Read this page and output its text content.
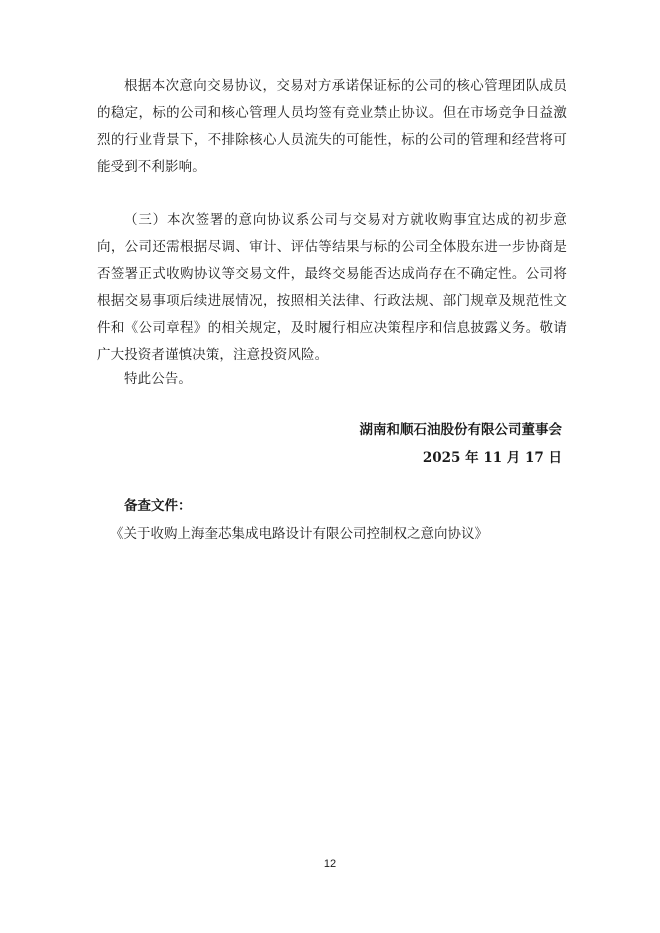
根据本次意向交易协议，交易对方承诺保证标的公司的核心管理团队成员的稳定，标的公司和核心管理人员均签有竞业禁止协议。但在市场竞争日益激烈的行业背景下，不排除核心人员流失的可能性，标的公司的管理和经营将可能受到不利影响。

（三）本次签署的意向协议系公司与交易对方就收购事宜达成的初步意向，公司还需根据尽调、审计、评估等结果与标的公司全体股东进一步协商是否签署正式收购协议等交易文件，最终交易能否达成尚存在不确定性。公司将根据交易事项后续进展情况，按照相关法律、行政法规、部门规章及规范性文件和《公司章程》的相关规定，及时履行相应决策程序和信息披露义务。敬请广大投资者谨慎决策，注意投资风险。

特此公告。

湖南和顺石油股份有限公司董事会

2025 年 11 月 17 日

备查文件：

《关于收购上海奎芯集成电路设计有限公司控制权之意向协议》

12
